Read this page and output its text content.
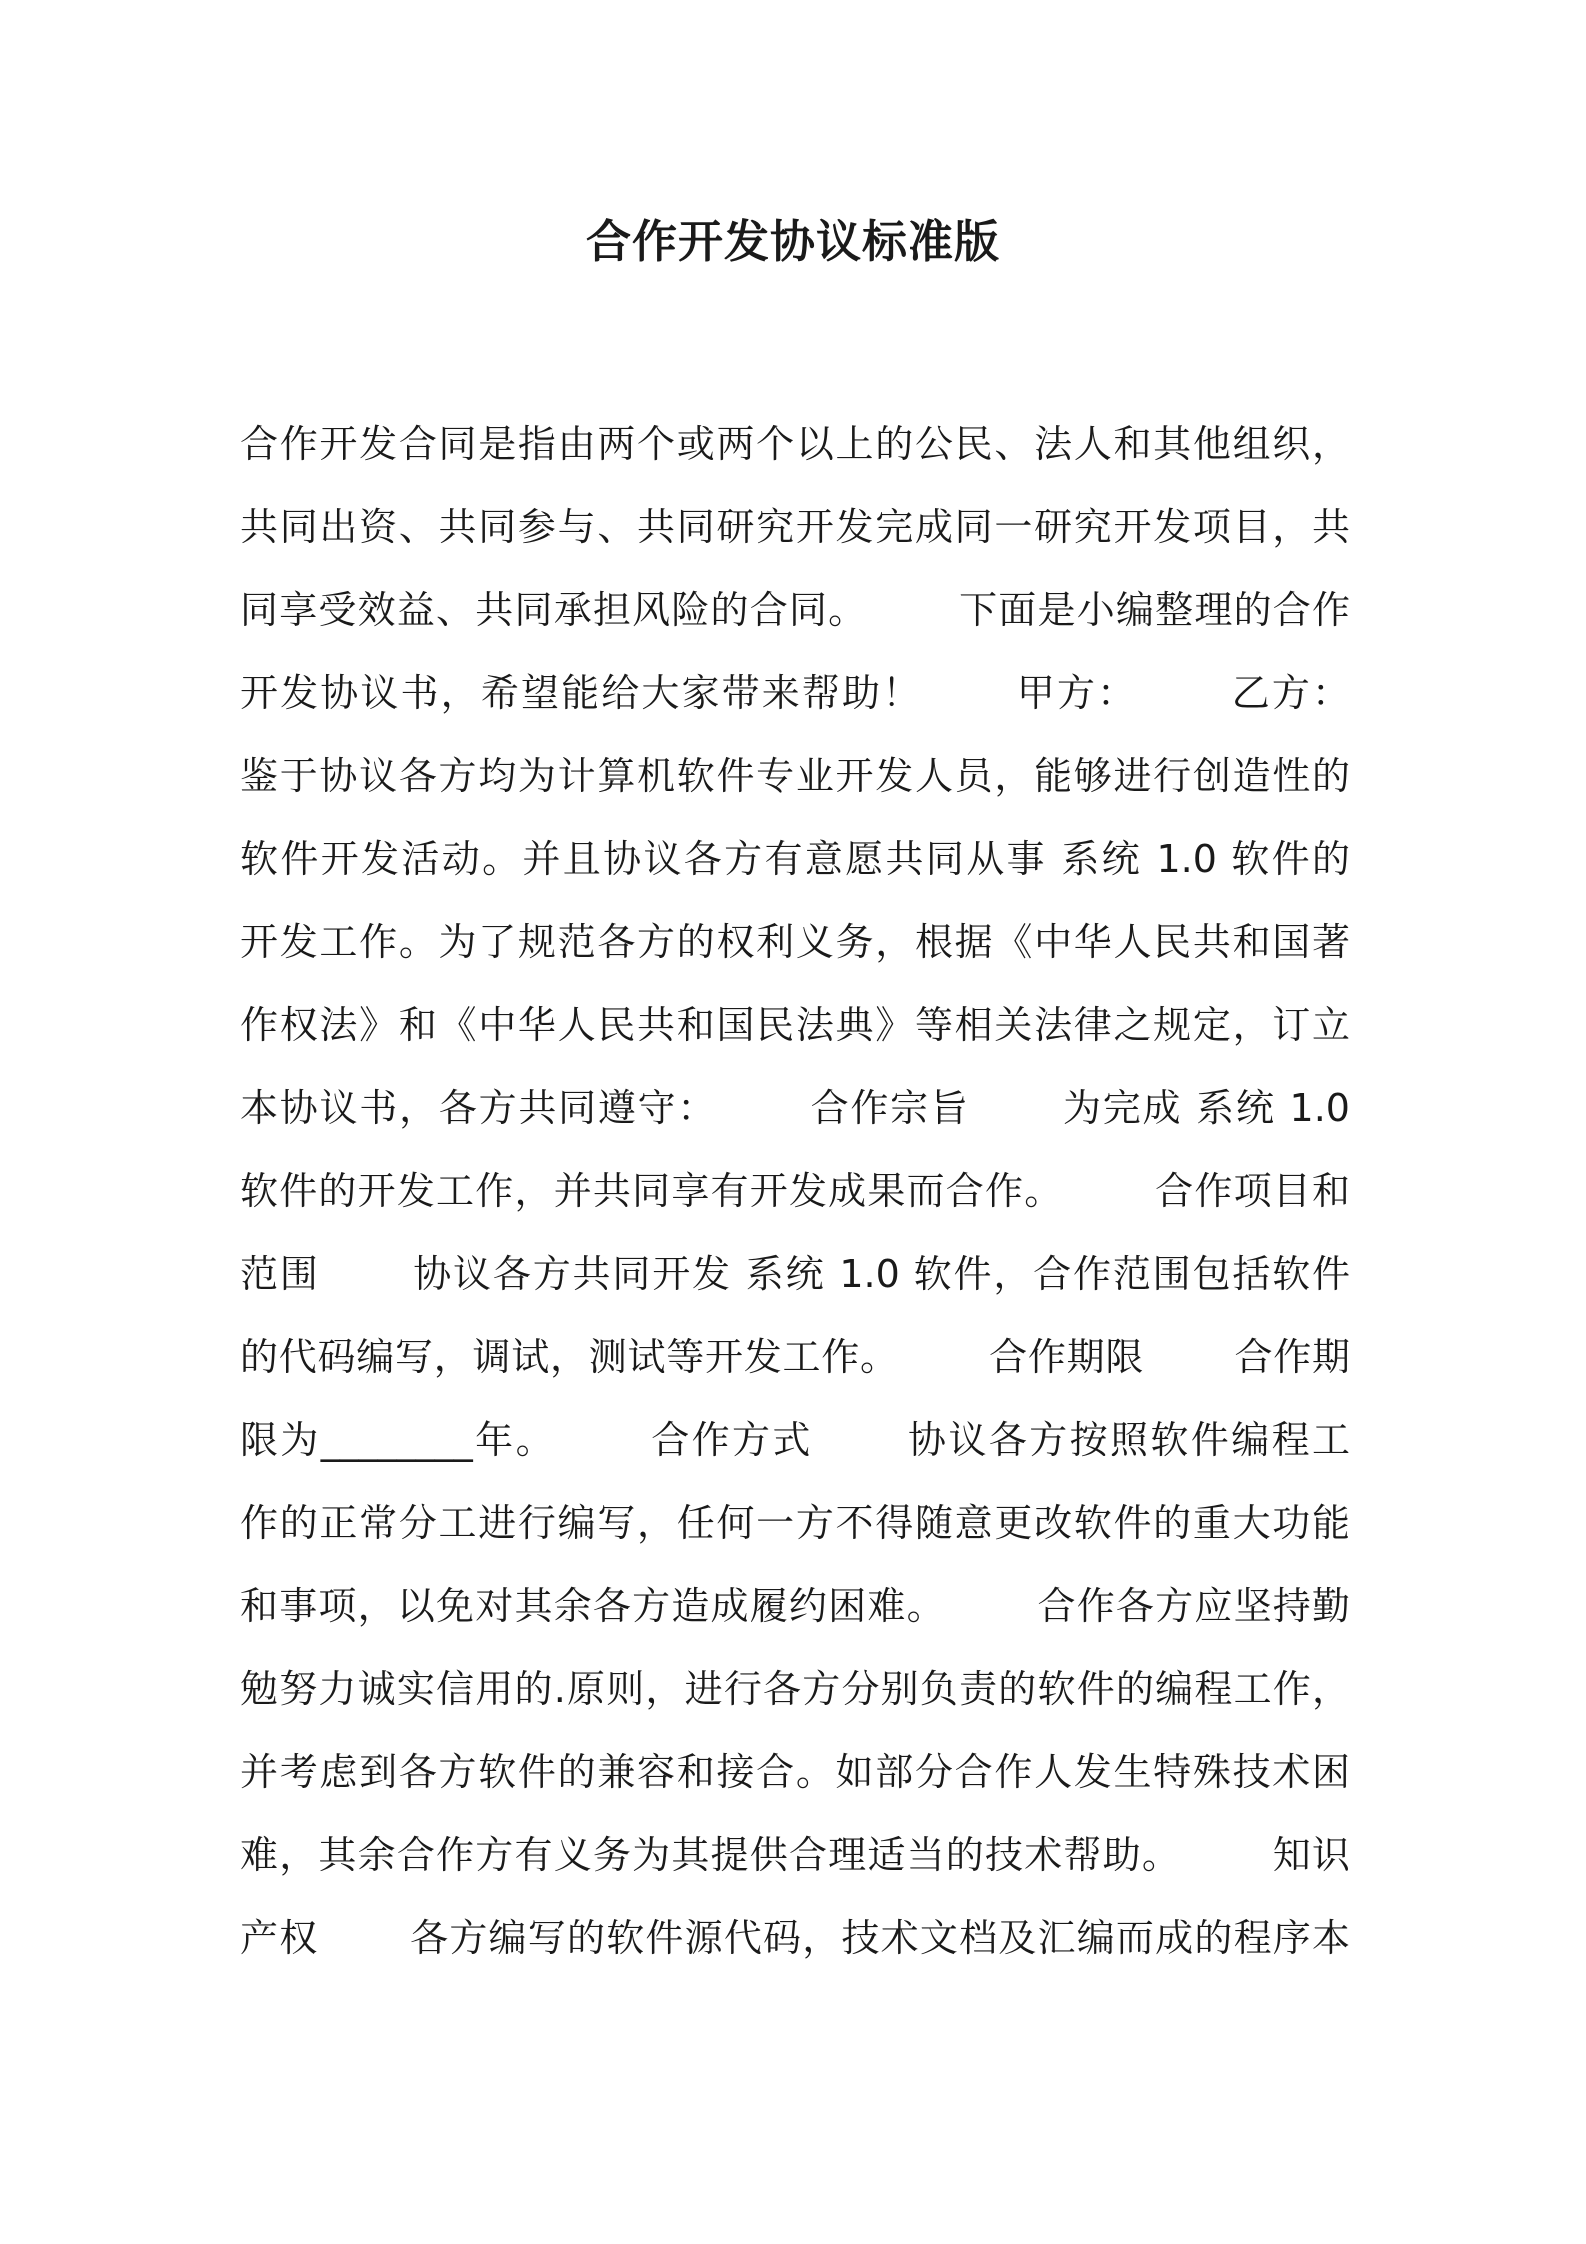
合作开发协议标准版
合作开发合同是指由两个或两个以上的公民、法人和其他组织，
共同出资、共同参与、共同研究开发完成同一研究开发项目，共
同享受效益、共同承担风险的合同。 　　下面是小编整理的合作
开发协议书，希望能给大家带来帮助！ 　　甲方： 　　乙方：
鉴于协议各方均为计算机软件专业开发人员，能够进行创造性的
软件开发活动。并且协议各方有意愿共同从事 系统 1.0 软件的
开发工作。为了规范各方的权利义务，根据《中华人民共和国著
作权法》和《中华人民共和国民法典》等相关法律之规定，订立
本协议书，各方共同遵守： 　　合作宗旨 　　为完成 系统 1.0
软件的开发工作，并共同享有开发成果而合作。 　　合作项目和
范围 　　协议各方共同开发 系统 1.0 软件，合作范围包括软件
的代码编写，调试，测试等开发工作。 　　合作期限 　　合作期
限为________年。 　　合作方式 　　协议各方按照软件编程工
作的正常分工进行编写，任何一方不得随意更改软件的重大功能
和事项，以免对其余各方造成履约困难。 　　合作各方应坚持勤
勉努力诚实信用的.原则，进行各方分别负责的软件的编程工作，
并考虑到各方软件的兼容和接合。如部分合作人发生特殊技术困
难，其余合作方有义务为其提供合理适当的技术帮助。 　　知识
产权 　　各方编写的软件源代码，技术文档及汇编而成的程序本
